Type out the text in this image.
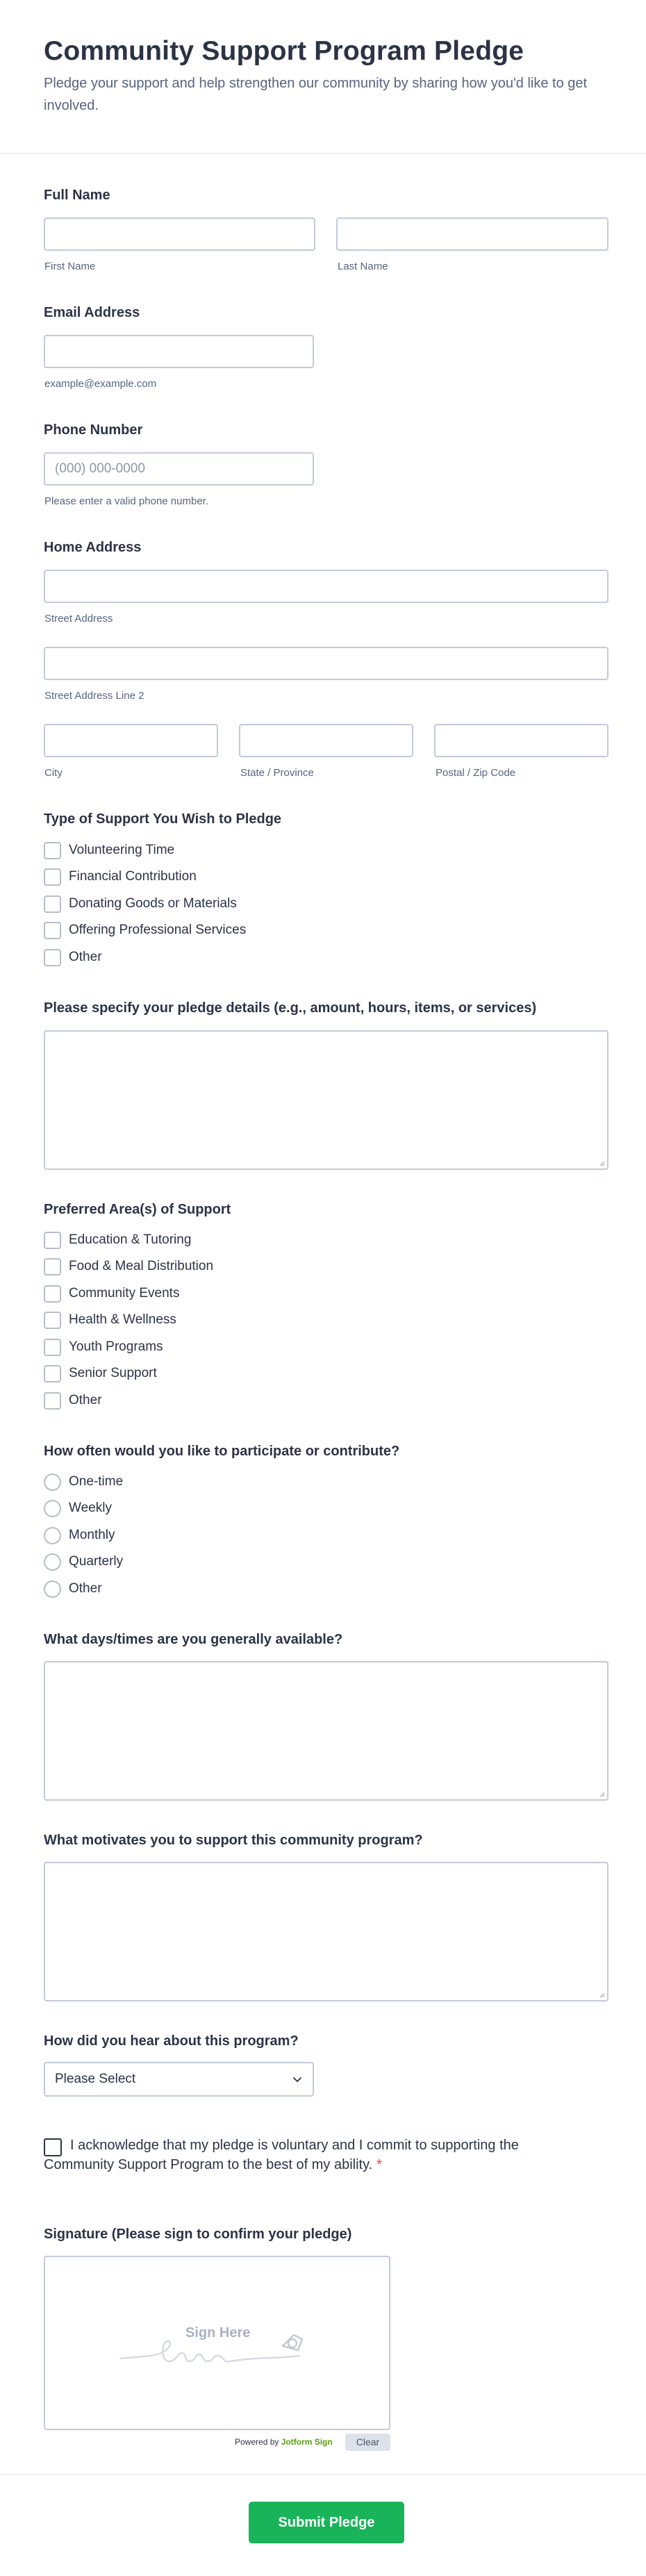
Community Support Program Pledge
Pledge your support and help strengthen our community by sharing how you'd like to get involved.
Full Name
First Name	Last Name
Email Address
example@example.com
Phone Number
(000) 000-0000
Please enter a valid phone number.
Home Address
Street Address
Street Address Line 2
City	State / Province	Postal / Zip Code
Type of Support You Wish to Pledge
Volunteering Time
Financial Contribution
Donating Goods or Materials
Offering Professional Services
Other
Please specify your pledge details (e.g., amount, hours, items, or services)
Preferred Area(s) of Support
Education & Tutoring
Food & Meal Distribution
Community Events
Health & Wellness
Youth Programs
Senior Support
Other
How often would you like to participate or contribute?
One-time
Weekly
Monthly
Quarterly
Other
What days/times are you generally available?
What motivates you to support this community program?
How did you hear about this program?
Please Select
I acknowledge that my pledge is voluntary and I commit to supporting the Community Support Program to the best of my ability. *
Signature (Please sign to confirm your pledge)
Sign Here
Powered by Jotform Sign	Clear
Submit Pledge
